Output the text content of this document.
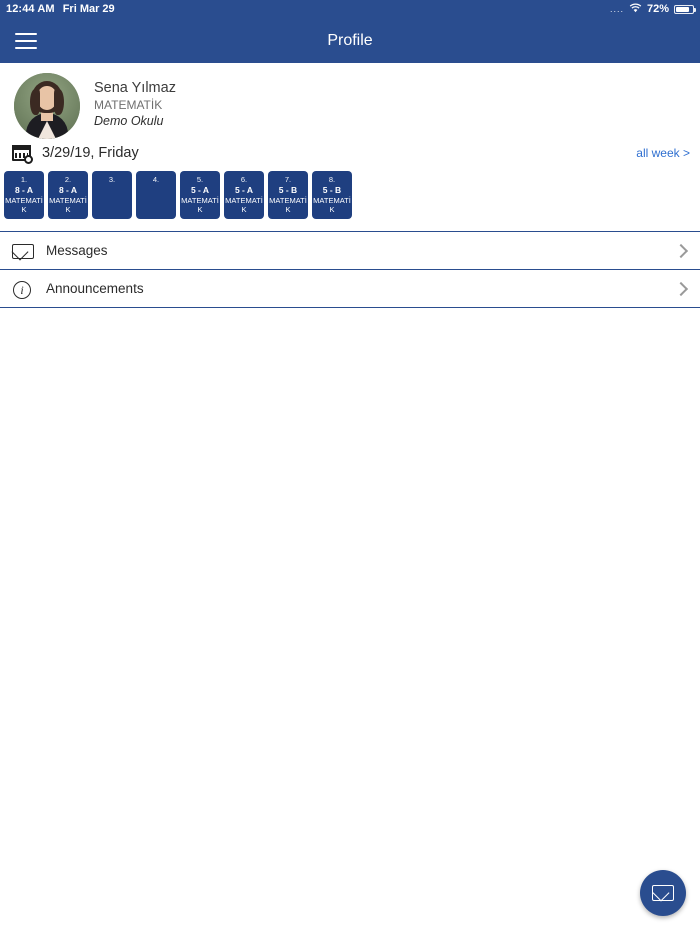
12:44 AM Fri Mar 29	.... 72%
Profile
Sena Yılmaz
MATEMATİK
Demo Okulu
3/29/19, Friday	all week >
1.
8 - A
MATEMATİK
2.
8 - A
MATEMATİK
3.	4.	5.
5 - A
MATEMATİK
6.
5 - A
MATEMATİK
7.
5 - B
MATEMATİK
8.
5 - B
MATEMATİK
Messages
i	Announcements
